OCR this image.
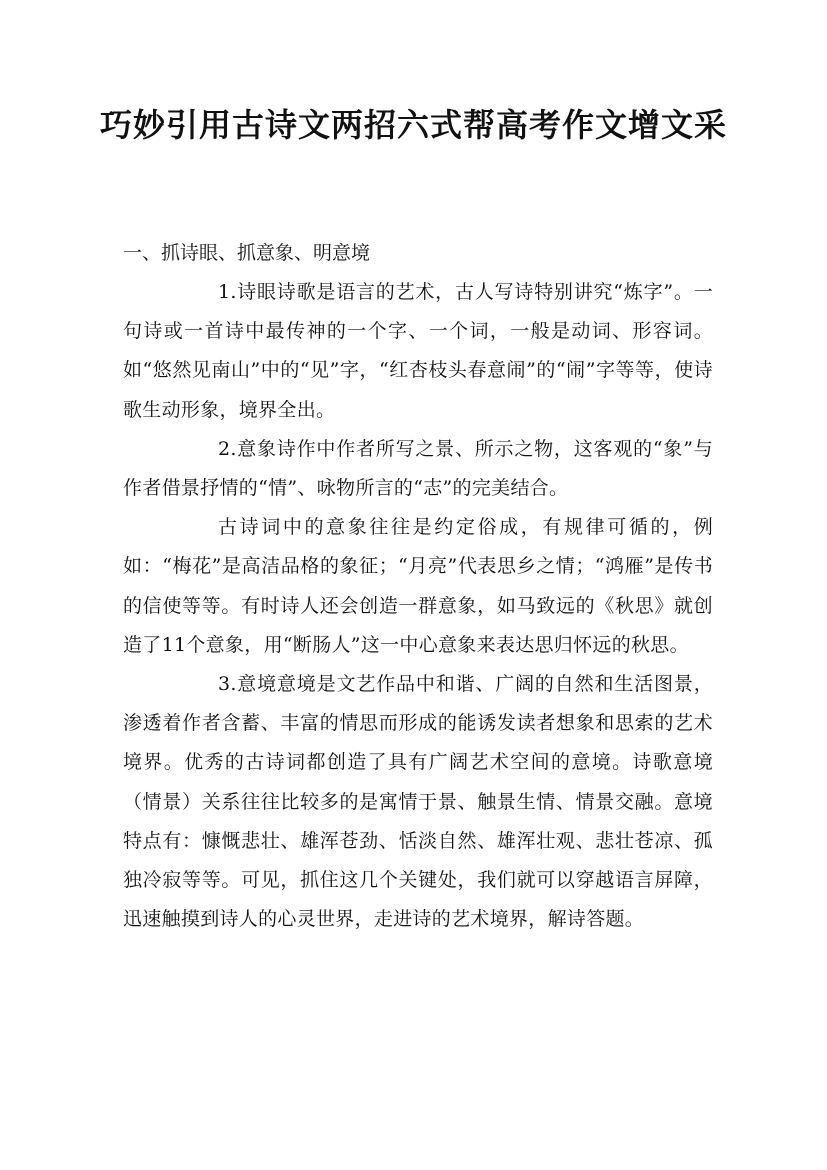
巧妙引用古诗文两招六式帮高考作文增文采

一、抓诗眼、抓意象、明意境

1.诗眼诗歌是语言的艺术，古人写诗特别讲究“炼字”。一句诗或一首诗中最传神的一个字、一个词，一般是动词、形容词。如“悠然见南山”中的“见”字，“红杏枝头春意闹”的“闹”字等等，使诗歌生动形象，境界全出。

2.意象诗作中作者所写之景、所示之物，这客观的“象”与作者借景抒情的“情”、咏物所言的“志”的完美结合。

古诗词中的意象往往是约定俗成，有规律可循的，例如：“梅花”是高洁品格的象征；“月亮”代表思乡之情；“鸿雁”是传书的信使等等。有时诗人还会创造一群意象，如马致远的《秋思》就创造了11个意象，用“断肠人”这一中心意象来表达思归怀远的秋思。

3.意境意境是文艺作品中和谐、广阔的自然和生活图景，渗透着作者含蓄、丰富的情思而形成的能诱发读者想象和思索的艺术境界。优秀的古诗词都创造了具有广阔艺术空间的意境。诗歌意境（情景）关系往往比较多的是寓情于景、触景生情、情景交融。意境特点有：慷慨悲壮、雄浑苍劲、恬淡自然、雄浑壮观、悲壮苍凉、孤独冷寂等等。可见，抓住这几个关键处，我们就可以穿越语言屏障，迅速触摸到诗人的心灵世界，走进诗的艺术境界，解诗答题。
